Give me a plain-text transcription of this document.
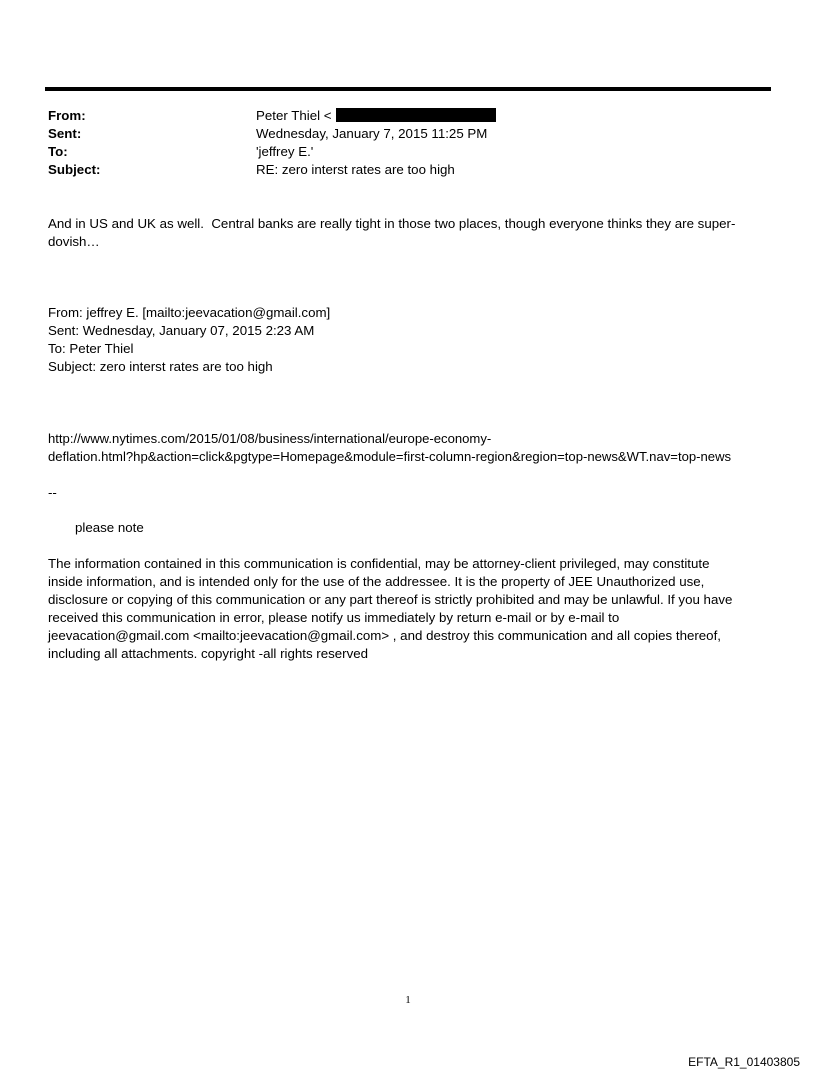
From:	Peter Thiel <
Sent:	Wednesday, January 7, 2015 11:25 PM
To:	'jeffrey E.'
Subject:	RE: zero interst rates are too high
And in US and UK as well.  Central banks are really tight in those two places, though everyone thinks they are super-
dovish…
From: jeffrey E. [mailto:jeevacation@gmail.com]
Sent: Wednesday, January 07, 2015 2:23 AM
To: Peter Thiel
Subject: zero interst rates are too high
http://www.nytimes.com/2015/01/08/business/international/europe-economy-
deflation.html?hp&action=click&pgtype=Homepage&module=first-column-region&region=top-news&WT.nav=top-news
--
please note
The information contained in this communication is confidential, may be attorney-client privileged, may constitute
inside information, and is intended only for the use of the addressee. It is the property of JEE Unauthorized use,
disclosure or copying of this communication or any part thereof is strictly prohibited and may be unlawful. If you have
received this communication in error, please notify us immediately by return e-mail or by e-mail to
jeevacation@gmail.com <mailto:jeevacation@gmail.com> , and destroy this communication and all copies thereof,
including all attachments. copyright -all rights reserved
1
EFTA_R1_01403805
